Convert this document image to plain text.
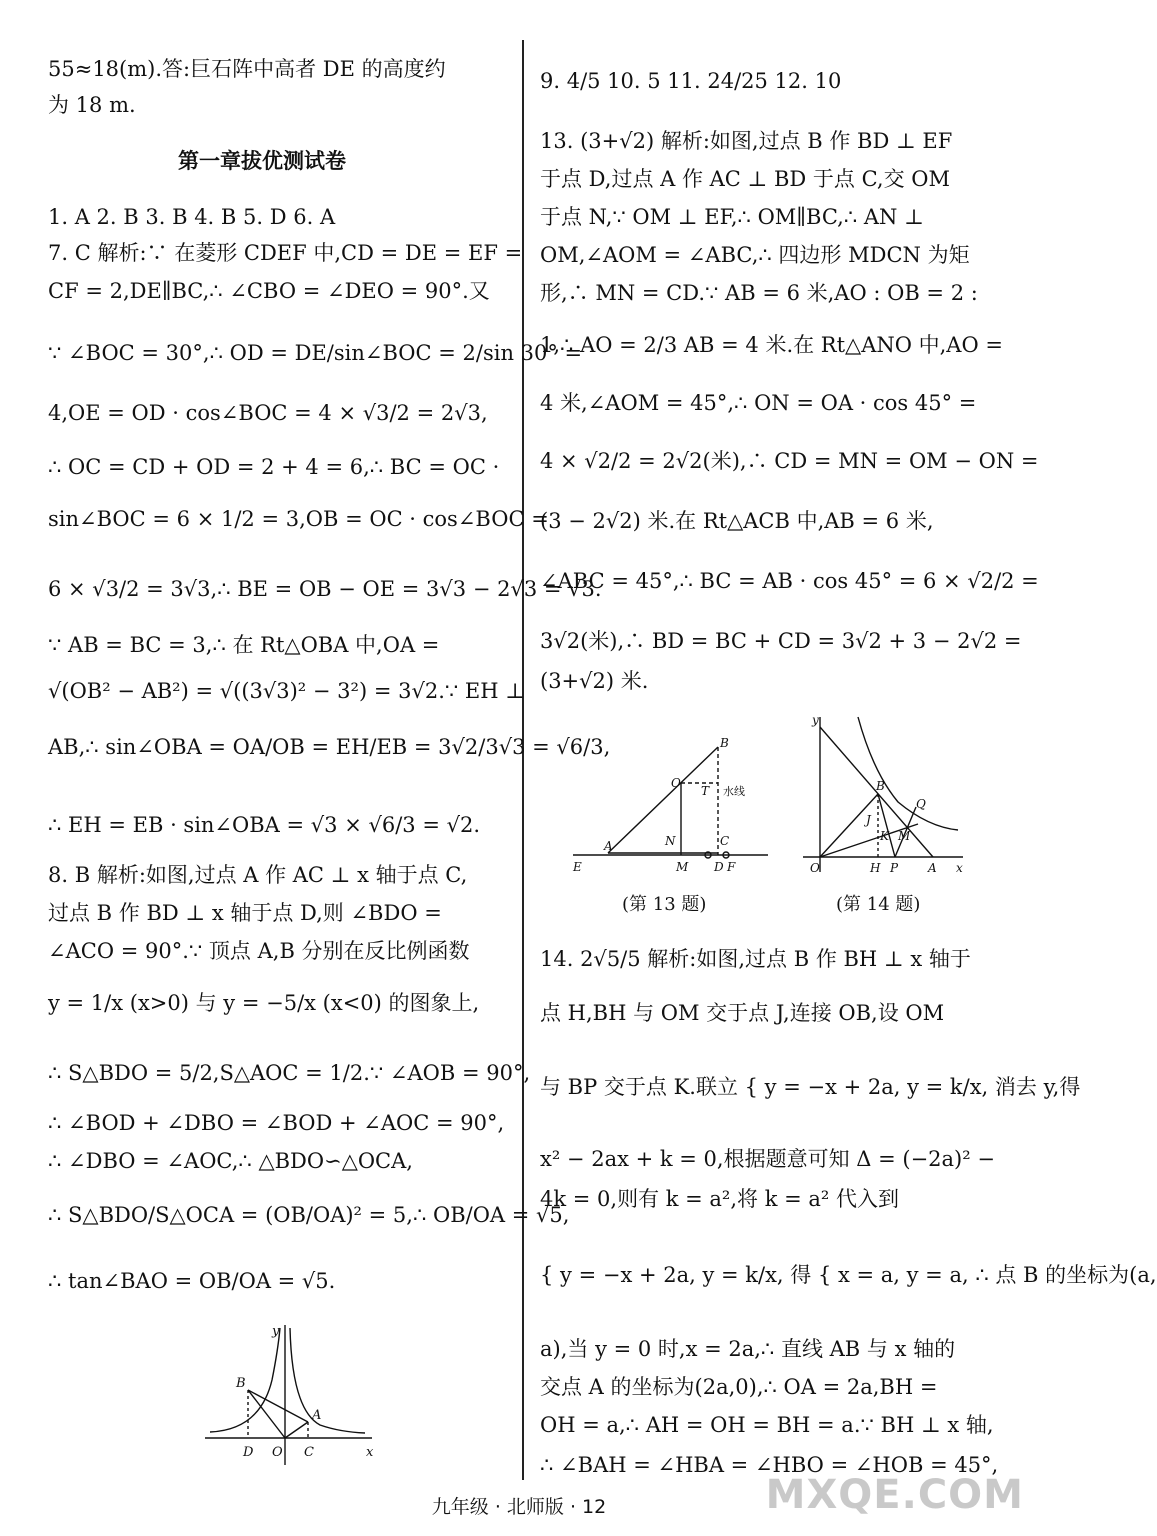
55≈18(m).答:巨石阵中高者 DE 的高度约
为 18 m.
第一章拔优测试卷
1. A 2. B 3. B 4. B 5. D 6. A
7. C 解析:∵ 在菱形 CDEF 中,CD = DE = EF =
CF = 2,DE∥BC,∴ ∠CBO = ∠DEO = 90°.又
∵ ∠BOC = 30°,∴ OD = DE/sin∠BOC = 2/sin 30° =
4,OE = OD · cos∠BOC = 4 × √3/2 = 2√3,
∴ OC = CD + OD = 2 + 4 = 6,∴ BC = OC ·
sin∠BOC = 6 × 1/2 = 3,OB = OC · cos∠BOC =
6 × √3/2 = 3√3,∴ BE = OB − OE = 3√3 − 2√3 = √3.
∵ AB = BC = 3,∴ 在 Rt△OBA 中,OA =
√(OB² − AB²) = √((3√3)² − 3²) = 3√2.∵ EH ⊥
AB,∴ sin∠OBA = OA/OB = EH/EB = 3√2/3√3 = √6/3,
∴ EH = EB · sin∠OBA = √3 × √6/3 = √2.
8. B 解析:如图,过点 A 作 AC ⊥ x 轴于点 C,
过点 B 作 BD ⊥ x 轴于点 D,则 ∠BDO =
∠ACO = 90°.∵ 顶点 A,B 分别在反比例函数
y = 1/x (x>0) 与 y = −5/x (x<0) 的图象上,
∴ S△BDO = 5/2,S△AOC = 1/2.∵ ∠AOB = 90°,
∴ ∠BOD + ∠DBO = ∠BOD + ∠AOC = 90°,
∴ ∠DBO = ∠AOC,∴ △BDO∽△OCA,
∴ S△BDO/S△OCA = (OB/OA)² = 5,∴ OB/OA = √5,
∴ tan∠BAO = OB/OA = √5.
y
B
A
D O C	x
9. 4/5 10. 5 11. 24/25 12. 10
13. (3+√2) 解析:如图,过点 B 作 BD ⊥ EF
于点 D,过点 A 作 AC ⊥ BD 于点 C,交 OM
于点 N,∵ OM ⊥ EF,∴ OM∥BC,∴ AN ⊥
OM,∠AOM = ∠ABC,∴ 四边形 MDCN 为矩
形,∴ MN = CD.∵ AB = 6 米,AO : OB = 2 :
1,∴ AO = 2/3 AB = 4 米.在 Rt△ANO 中,AO =
4 米,∠AOM = 45°,∴ ON = OA · cos 45° =
4 × √2/2 = 2√2(米),∴ CD = MN = OM − ON =
(3 − 2√2) 米.在 Rt△ACB 中,AB = 6 米,
∠ABC = 45°,∴ BC = AB · cos 45° = 6 × √2/2 =
3√2(米),∴ BD = BC + CD = 3√2 + 3 − 2√2 =
(3+√2) 米.
14. 2√5/5 解析:如图,过点 B 作 BH ⊥ x 轴于
点 H,BH 与 OM 交于点 J,连接 OB,设 OM
与 BP 交于点 K.联立 { y = −x + 2a, y = k/x, 消去 y,得
x² − 2ax + k = 0,根据题意可知 Δ = (−2a)² −
4k = 0,则有 k = a²,将 k = a² 代入到
{ y = −x + 2a, y = k/x, 得 { x = a, y = a, ∴ 点 B 的坐标为(a,
a),当 y = 0 时,x = 2a,∴ 直线 AB 与 x 轴的
交点 A 的坐标为(2a,0),∴ OA = 2a,BH =
OH = a,∴ AH = OH = BH = a.∵ BH ⊥ x 轴,
∴ ∠BAH = ∠HBA = ∠HBO = ∠HOB = 45°,
B
O
T 水线
A	N	C
E	M D F
(第 13 题)
y
B
Q
J
K M
O	H P A x
(第 14 题)
九年级 · 北师版 · 12	MXQE.COM
